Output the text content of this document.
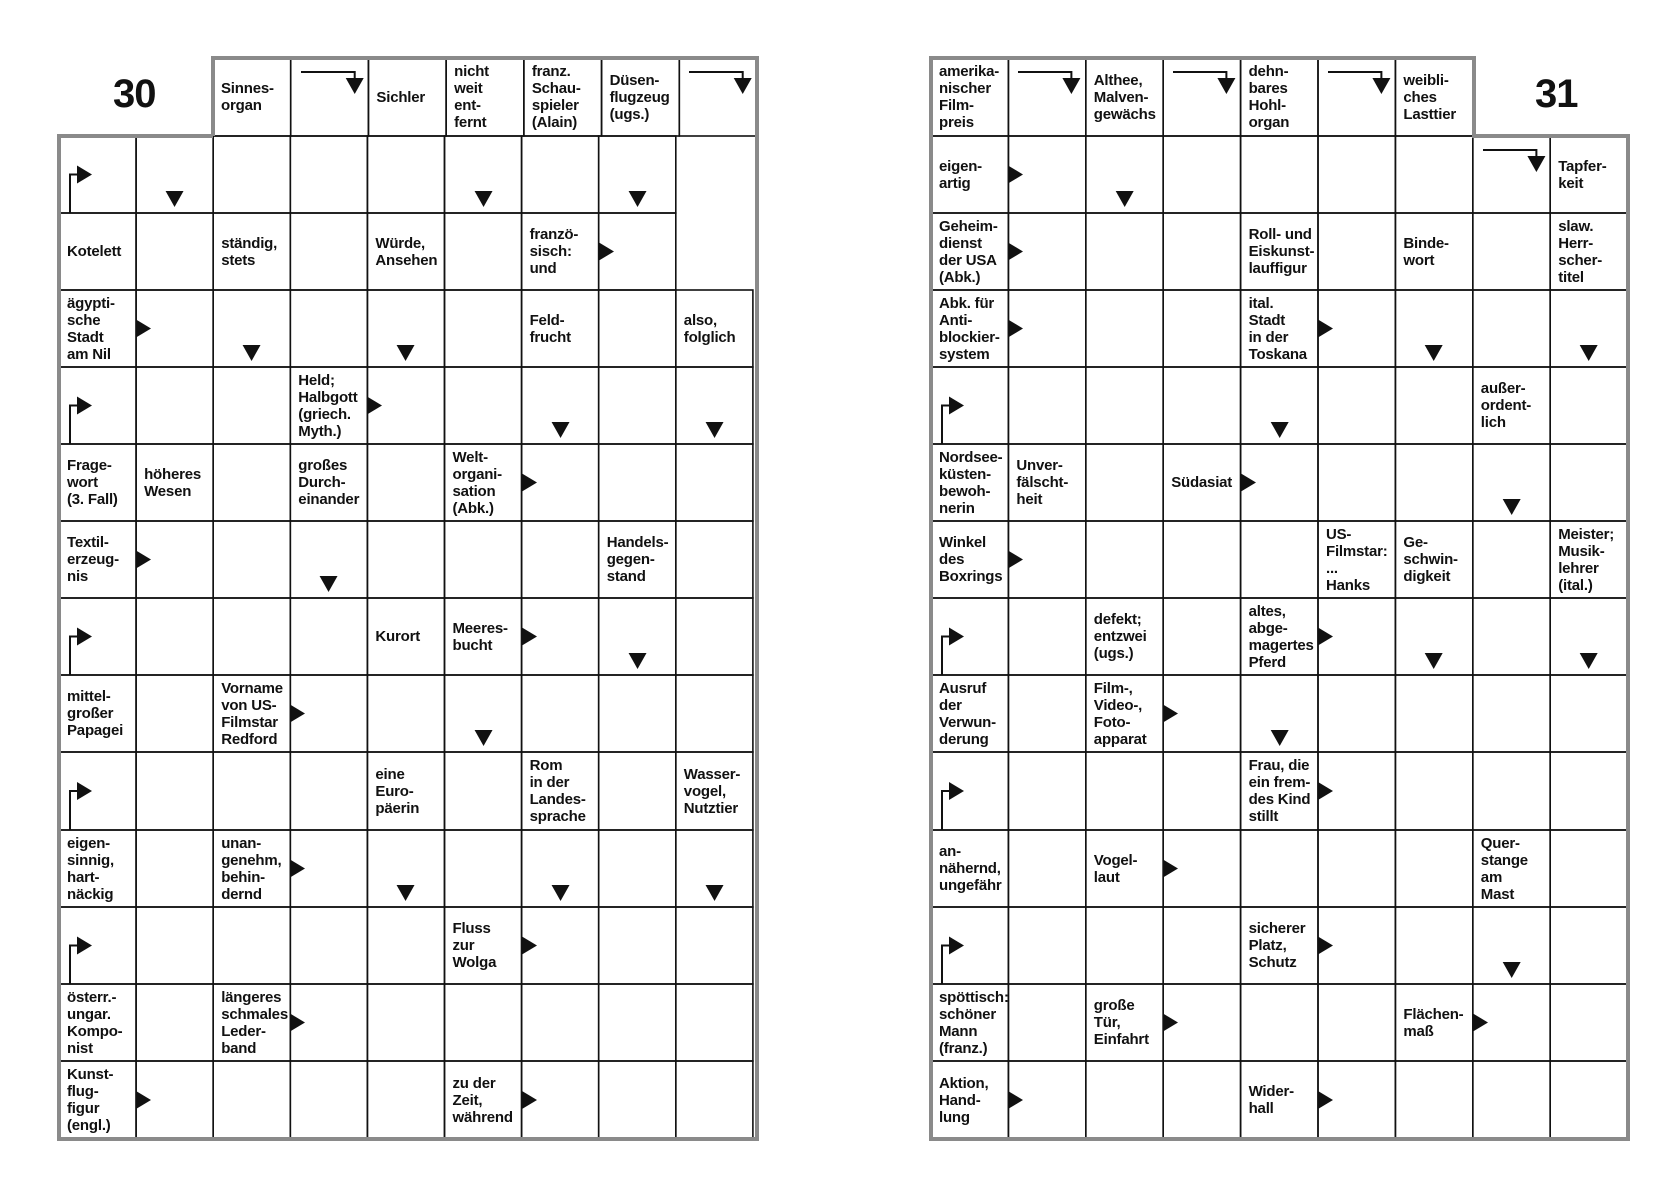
30	31
Sinnes-
organ	Sichler
nicht
weit
ent-
fernt
franz.
Schau-
spieler
(Alain)
Düsen-
flugzeug
(ugs.)
Kotelett	ständig,
stets
Würde,
Ansehen
franzö-
sisch:
und
ägypti-
sche
Stadt
am Nil
Feld-
frucht
also,
folglich
Held;
Halbgott
(griech.
Myth.)
Frage-
wort
(3. Fall)
höheres
Wesen
großes
Durch-
einander
Welt-
organi-
sation
(Abk.)
Textil-
erzeug-
nis
Handels-
gegen-
stand
Kurort Meeres-
bucht
mittel-
großer
Papagei
Vorname
von US-
Filmstar
Redford
eine
Euro-
päerin
Rom
in der
Landes-
sprache
Wasser-
vogel,
Nutztier
eigen-
sinnig,
hart-
näckig
unan-
genehm,
behin-
dernd
Fluss
zur
Wolga
österr.-
ungar.
Kompo-
nist
längeres
schmales
Leder-
band
Kunst-
flug-
figur
(engl.)
zu der
Zeit,
während
amerika-
nischer
Film-
preis
Althee,
Malven-
gewächs
dehn-
bares
Hohl-
organ
weibli-
ches
Lasttier
eigen-
artig
Tapfer-
keit
Geheim-
dienst
der USA
(Abk.)
Roll- und
Eiskunst-
lauffigur
Binde-
wort
slaw.
Herr-
scher-
titel
Abk. für
Anti-
blockier-
system
ital.
Stadt
in der
Toskana
außer-
ordent-
lich
Nordsee-
küsten-
bewoh-
nerin
Unver-
fälscht-
heit
Südasiat
Winkel
des
Boxrings
US-
Filmstar:
...
Hanks
Ge-
schwin-
digkeit
Meister;
Musik-
lehrer
(ital.)
defekt;
entzwei
(ugs.)
altes,
abge-
magertes
Pferd
Ausruf
der
Verwun-
derung
Film-,
Video-,
Foto-
apparat
Frau, die
ein frem-
des Kind
stillt
an-
nähernd,
ungefähr
Vogel-
laut
Quer-
stange
am
Mast
sicherer
Platz,
Schutz
spöttisch:
schöner
Mann
(franz.)
große
Tür,
Einfahrt
Flächen-
maß
Aktion,
Hand-
lung
Wider-
hall
